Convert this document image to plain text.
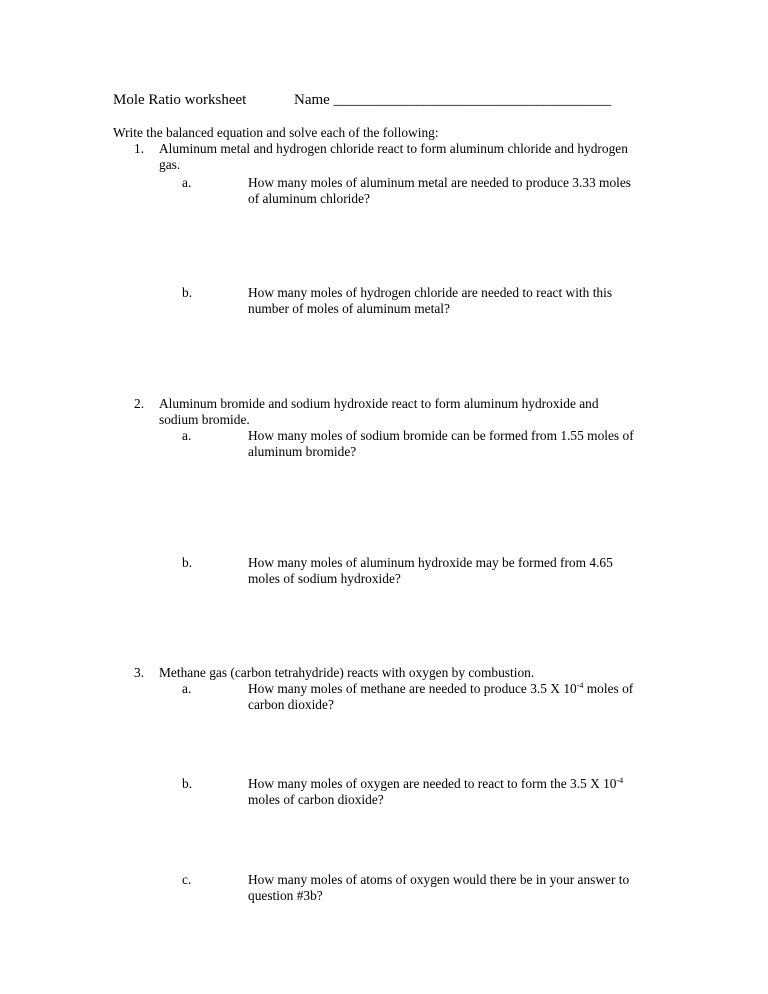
Mole Ratio worksheet	Name _____________________________________
Write the balanced equation and solve each of the following:
1. Aluminum metal and hydrogen chloride react to form aluminum chloride and hydrogen
gas.
a.	How many moles of aluminum metal are needed to produce 3.33 moles
of aluminum chloride?
b.	How many moles of hydrogen chloride are needed to react with this
number of moles of aluminum metal?
2. Aluminum bromide and sodium hydroxide react to form aluminum hydroxide and
sodium bromide.
a.	How many moles of sodium bromide can be formed from 1.55 moles of
aluminum bromide?
b.	How many moles of aluminum hydroxide may be formed from 4.65
moles of sodium hydroxide?
3. Methane gas (carbon tetrahydride) reacts with oxygen by combustion.
a.	How many moles of methane are needed to produce 3.5 X $10^{-4}$ moles of
carbon dioxide?
b.	How many moles of oxygen are needed to react to form the 3.5 X $10^{-4}$
moles of carbon dioxide?
c.	How many moles of atoms of oxygen would there be in your answer to
question #3b?
